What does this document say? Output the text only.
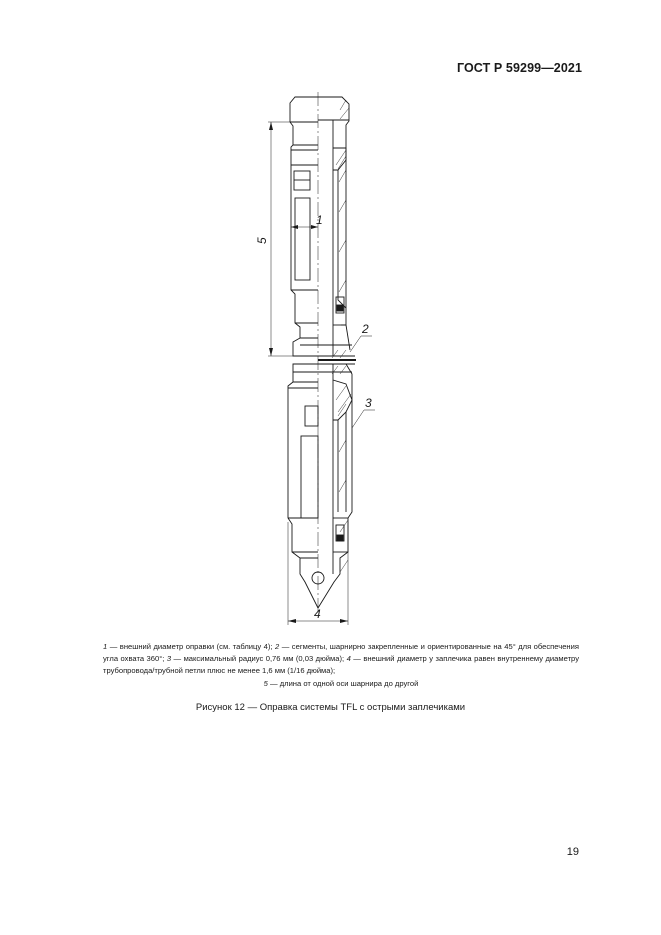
ГОСТ Р 59299—2021
1
2
3
4
5
1 — внешний диаметр оправки (см. таблицу 4); 2 — сегменты, шарнирно закрепленные и ориентированные на 45° для обеспечения угла охвата 360°; 3 — максимальный радиус 0,76 мм (0,03 дюйма); 4 — внешний диаметр у заплечика равен внутреннему диаметру трубопровода/трубной петли плюс не менее 1,6 мм (1/16 дюйма);
5 — длина от одной оси шарнира до другой
Рисунок 12 — Оправка системы TFL с острыми заплечиками
19
